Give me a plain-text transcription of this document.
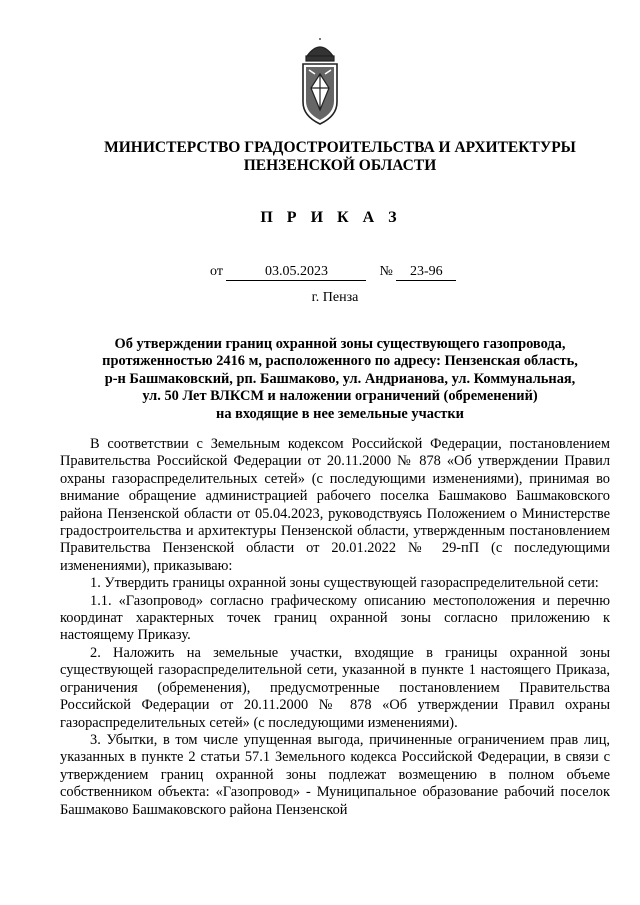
МИНИСТЕРСТВО ГРАДОСТРОИТЕЛЬСТВА И АРХИТЕКТУРЫ
ПЕНЗЕНСКОЙ ОБЛАСТИ
П Р И К А З
от	03.05.2023	№ 23-96
г. Пенза
Об утверждении границ охранной зоны существующего газопровода,
протяженностью 2416 м, расположенного по адресу: Пензенская область,
р-н Башмаковский, рп. Башмаково, ул. Андрианова, ул. Коммунальная,
ул. 50 Лет ВЛКСМ и наложении ограничений (обременений)
на входящие в нее земельные участки

В соответствии с Земельным кодексом Российской Федерации, постановлением Правительства Российской Федерации от 20.11.2000 № 878 «Об утверждении Правил охраны газораспределительных сетей» (с последующими изменениями), принимая во внимание обращение администрацией рабочего поселка Башмаково Башмаковского района Пензенской области от 05.04.2023, руководствуясь Положением о Министерстве градостроительства и архитектуры Пензенской области, утвержденным постановлением Правительства Пензенской области от 20.01.2022 № 29-пП (с последующими изменениями), приказываю:

1. Утвердить границы охранной зоны существующей газораспределительной сети:

1.1. «Газопровод» согласно графическому описанию местоположения и перечню координат характерных точек границ охранной зоны согласно приложению к настоящему Приказу.

2. Наложить на земельные участки, входящие в границы охранной зоны существующей газораспределительной сети, указанной в пункте 1 настоящего Приказа, ограничения (обременения), предусмотренные постановлением Правительства Российской Федерации от 20.11.2000 № 878 «Об утверждении Правил охраны газораспределительных сетей» (с последующими изменениями).

3. Убытки, в том числе упущенная выгода, причиненные ограничением прав лиц, указанных в пункте 2 статьи 57.1 Земельного кодекса Российской Федерации, в связи с утверждением границ охранной зоны подлежат возмещению в полном объеме собственником объекта: «Газопровод» - Муниципальное образование рабочий поселок Башмаково Башмаковского района Пензенской
